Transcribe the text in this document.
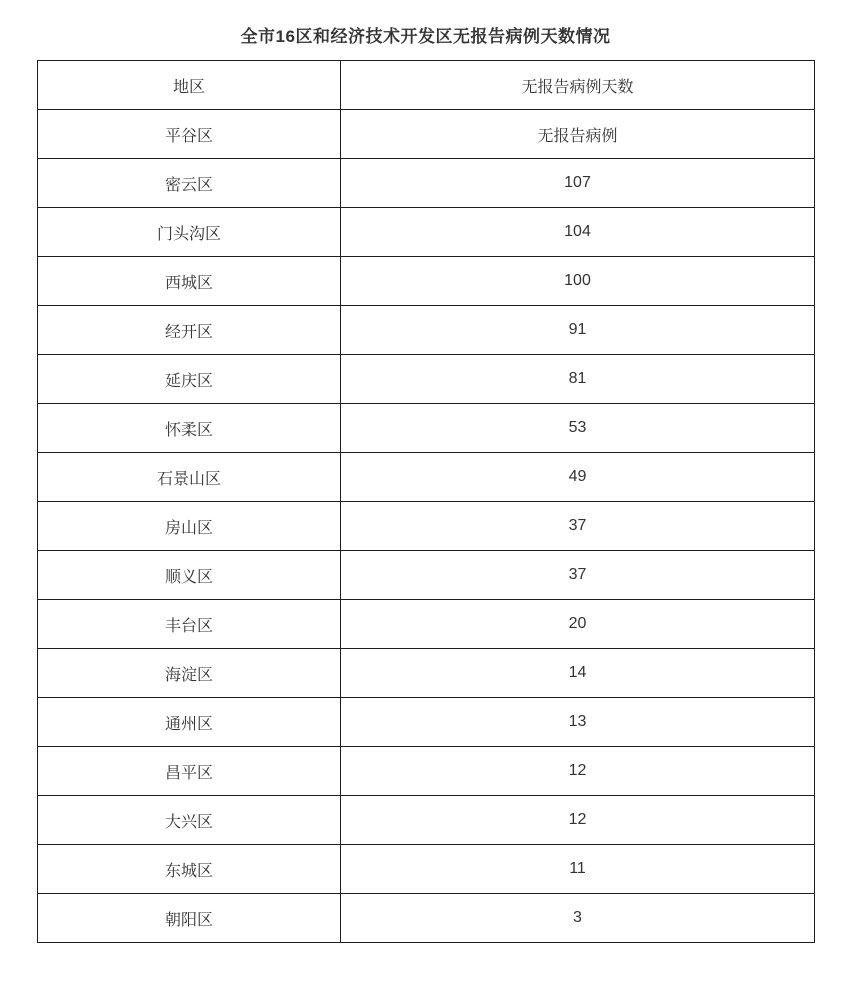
全市16区和经济技术开发区无报告病例天数情况
地区	无报告病例天数
平谷区	无报告病例
密云区	107
门头沟区	104
西城区	100
经开区	91
延庆区	81
怀柔区	53
石景山区	49
房山区	37
顺义区	37
丰台区	20
海淀区	14
通州区	13
昌平区	12
大兴区	12
东城区	11
朝阳区	3
